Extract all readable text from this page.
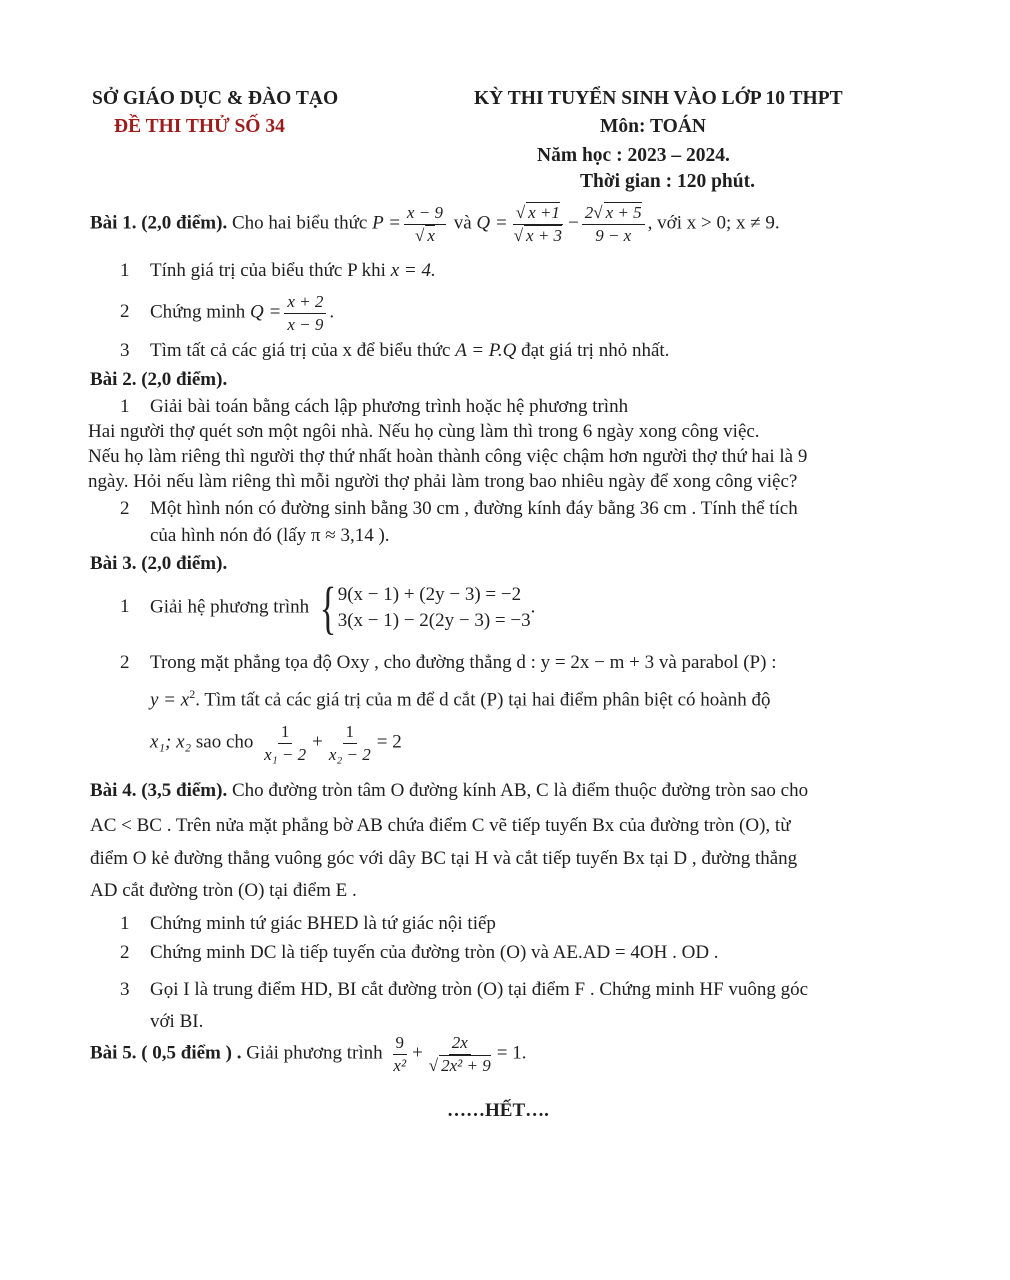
SỞ GIÁO DỤC & ĐÀO TẠO
ĐỀ THI THỬ SỐ 34
KỲ THI TUYỂN SINH VÀO LỚP 10 THPT
Môn: TOÁN
Năm học : 2023 – 2024.
Thời gian : 120 phút.
Bài 1. (2,0 điểm). Cho hai biểu thức $P = \frac{x - 9}{√ x}$ và $Q = \frac{√ x +1}{√ x + 3} - \frac{2√ x + 5}{9 - x}$ , với x > 0; x ≠ 9.
1 Tính giá trị của biểu thức P khi x = 4.
2 Chứng minh $Q = \frac{x + 2}{x - 9}$ .
3 Tìm tất cả các giá trị của x để biểu thức A = P.Q đạt giá trị nhỏ nhất.
Bài 2. (2,0 điểm).
1 Giải bài toán bằng cách lập phương trình hoặc hệ phương trình
Hai người thợ quét sơn một ngôi nhà. Nếu họ cùng làm thì trong 6 ngày xong công việc.
Nếu họ làm riêng thì người thợ thứ nhất hoàn thành công việc chậm hơn người thợ thứ hai là 9
ngày. Hỏi nếu làm riêng thì mỗi người thợ phải làm trong bao nhiêu ngày để xong công việc?
2 Một hình nón có đường sinh bằng 30 cm , đường kính đáy bằng 36 cm . Tính thể tích
của hình nón đó (lấy π ≈ 3,14 ).
Bài 3. (2,0 điểm).
1 Giải hệ phương trình { 9(x − 1) + (2y − 3) = −2
3(x − 1) − 2(2y − 3) = −3
.
2 Trong mặt phẳng tọa độ Oxy , cho đường thẳng d : y = 2x − m + 3 và parabol (P) :
$y = x^2$. Tìm tất cả các giá trị của m để d cắt (P) tại hai điểm phân biệt có hoành độ
x₁; x₂ sao cho $\frac{1}{\text{x₁ − 2}} + \frac{1}{\text{x₂ − 2}} = 2$
Bài 4. (3,5 điểm). Cho đường tròn tâm O đường kính AB, C là điểm thuộc đường tròn sao cho
AC < BC . Trên nửa mặt phẳng bờ AB chứa điểm C vẽ tiếp tuyến Bx của đường tròn (O), từ
điểm O kẻ đường thẳng vuông góc với dây BC tại H và cắt tiếp tuyến Bx tại D , đường thẳng
AD cắt đường tròn (O) tại điểm E .
1 Chứng minh tứ giác BHED là tứ giác nội tiếp
2 Chứng minh DC là tiếp tuyến của đường tròn (O) và AE.AD = 4OH . OD .
3 Gọi I là trung điểm HD, BI cắt đường tròn (O) tại điểm F . Chứng minh HF vuông góc
với BI.
Bài 5. ( 0,5 điểm ) . Giải phương trình $\frac{9}{\text{x²}} + \frac{2x}{\text{√ 2x² + 9}} = 1$.
……HẾT….
